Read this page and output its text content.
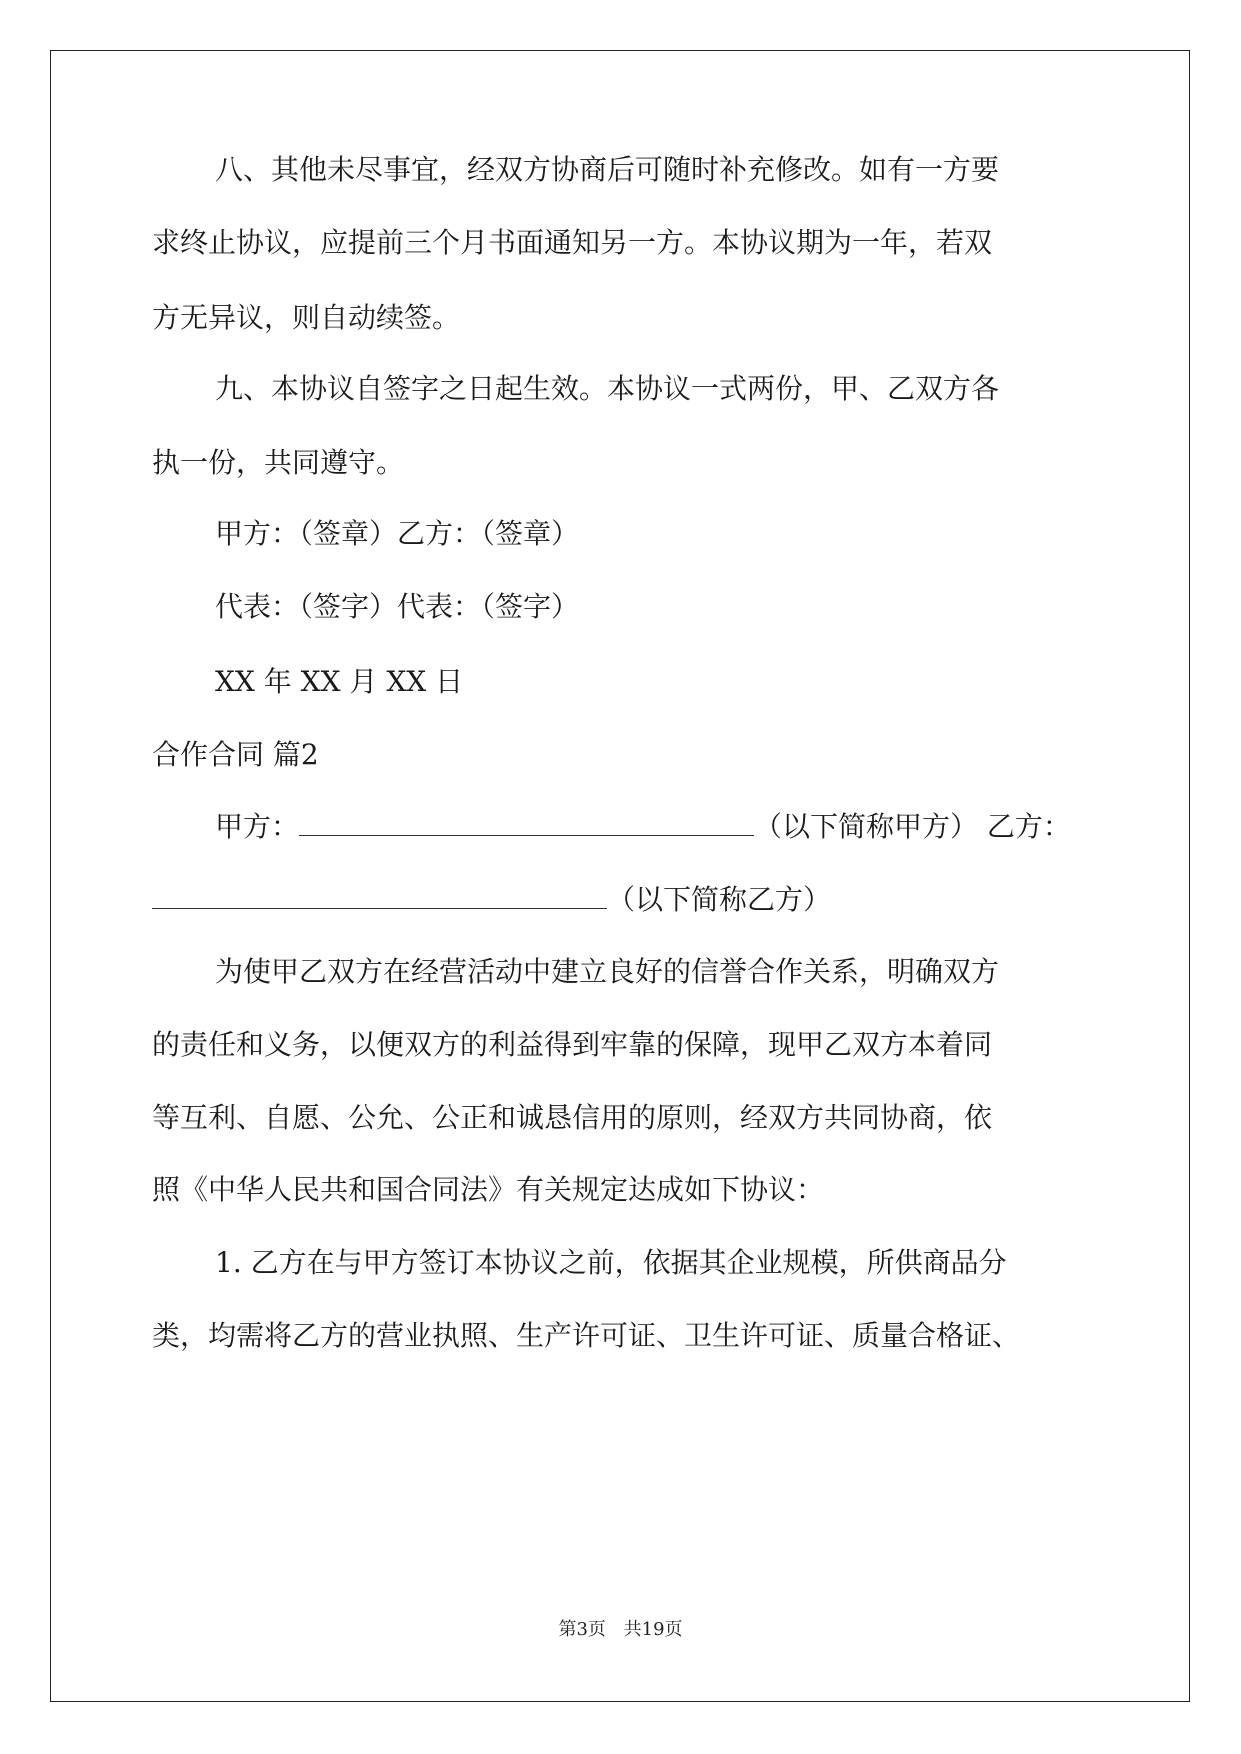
八、其他未尽事宜，经双方协商后可随时补充修改。如有一方要
求终止协议，应提前三个月书面通知另一方。本协议期为一年，若双
方无异议，则自动续签。
九、本协议自签字之日起生效。本协议一式两份，甲、乙双方各
执一份，共同遵守。
甲方：（签章）乙方：（签章）
代表：（签字）代表：（签字）
XX 年 XX 月 XX 日
合作合同 篇2
甲方：	（以下简称甲方） 乙方：
（以下简称乙方）
为使甲乙双方在经营活动中建立良好的信誉合作关系，明确双方
的责任和义务，以便双方的利益得到牢靠的保障，现甲乙双方本着同
等互利、自愿、公允、公正和诚恳信用的原则，经双方共同协商，依
照《中华人民共和国合同法》有关规定达成如下协议：
1. 乙方在与甲方签订本协议之前，依据其企业规模，所供商品分
类，均需将乙方的营业执照、生产许可证、卫生许可证、质量合格证、
第3页 共19页
